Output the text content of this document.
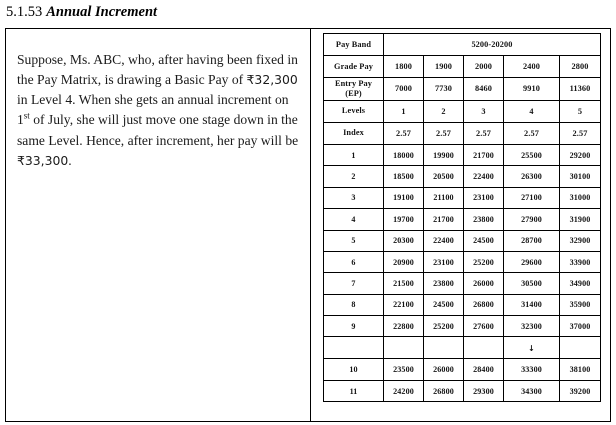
5.1.53 Annual Increment

Suppose, Ms. ABC, who, after having been fixed in the Pay Matrix, is drawing a Basic Pay of ₹32,300 in Level 4. When she gets an annual increment on 1st of July, she will just move one stage down in the same Level. Hence, after increment, her pay will be ₹33,300.

Pay Band	5200-20200				
Grade Pay	1800	1900	2000	2400	2800
Entry Pay
(EP)	7000	7730	8460	9910	11360
Levels	1	2	3	4	5
Index	2.57	2.57	2.57	2.57	2.57
1	18000	19900	21700	25500	29200
2	18500	20500	22400	26300	30100
3	19100	21100	23100	27100	31000
4	19700	21700	23800	27900	31900
5	20300	22400	24500	28700	32900
6	20900	23100	25200	29600	33900
7	21500	23800	26000	30500	34900
8	22100	24500	26800	31400	35900
9	22800	25200	27600	32300	37000
				↓	
10	23500	26000	28400	33300	38100
11	24200	26800	29300	34300	39200
